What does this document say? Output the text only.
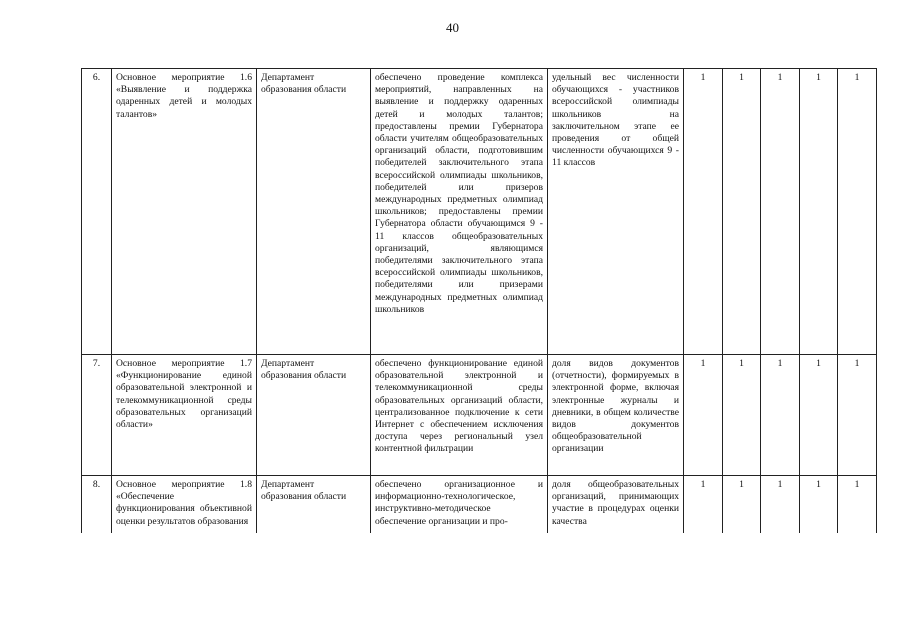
40
6.	Основное мероприятие 1.6 «Выявление и поддержка одаренных детей и молодых талантов»	Департамент образования области	обеспечено проведение комплекса мероприятий, направленных на выявление и поддержку одаренных детей и молодых талантов; предоставлены премии Губернатора области учителям общеобразовательных организаций области, подготовившим победителей заключительного этапа всероссийской олимпиады школьников, победителей или призеров международных предметных олимпиад школьников; предоставлены премии Губернатора области обучающимся 9 - 11 классов общеобразовательных организаций, являющимся победителями заключительного этапа всероссийской олимпиады школьников, победителями или призерами международных предметных олимпиад школьников	удельный вес численности обучающихся - участников всероссийской олимпиады школьников на заключительном этапе ее проведения от общей численности обучающихся 9 - 11 классов	1	1	1	1	1
7.	Основное мероприятие 1.7 «Функционирование единой образовательной электронной и телекоммуникационной среды образовательных организаций области»	Департамент образования области	обеспечено функционирование единой образовательной электронной и телекоммуникационной среды образовательных организаций области, централизованное подключение к сети Интернет с обеспечением исключения доступа через региональный узел контентной фильтрации	доля видов документов (отчетности), формируемых в электронной форме, включая электронные журналы и дневники, в общем количестве видов документов общеобразовательной организации	1	1	1	1	1
8.	Основное мероприятие 1.8 «Обеспечение функционирования объективной оценки результатов образования	Департамент образования области	обеспечено организационное и информационно-технологическое, инструктивно-методическое обеспечение организации и про-	доля общеобразовательных организаций, принимающих участие в процедурах оценки качества	1	1	1	1	1
